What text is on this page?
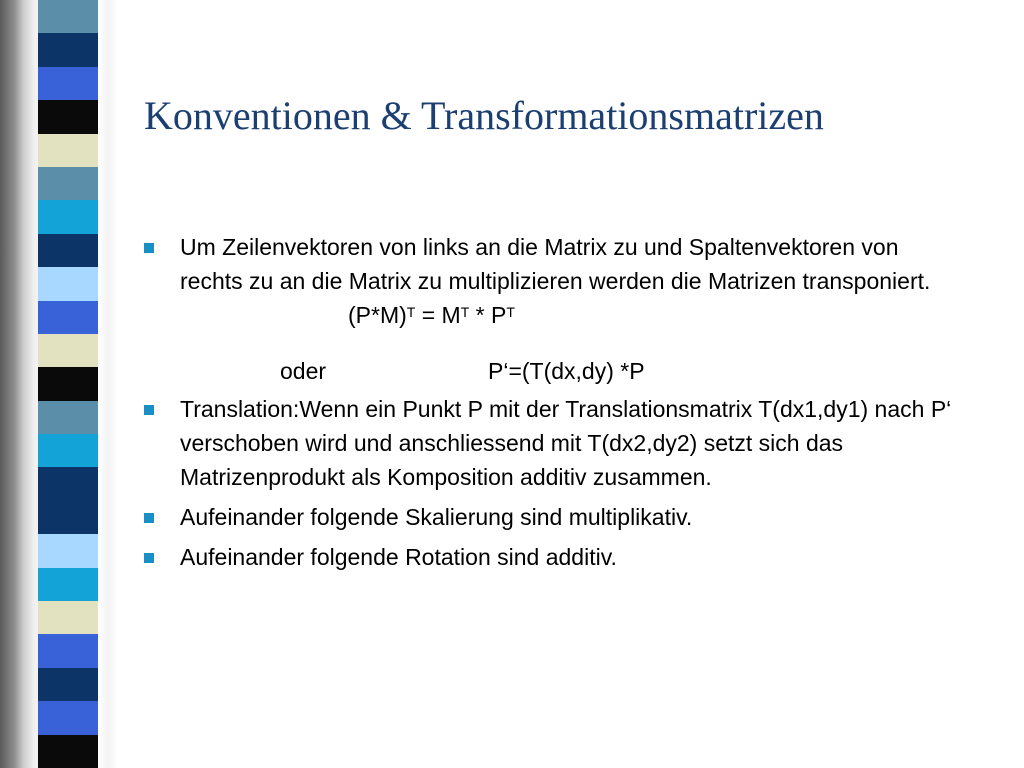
Konventionen & Transformationsmatrizen
Um Zeilenvektoren von links an die Matrix zu und Spaltenvektoren von rechts zu an die Matrix zu multiplizieren werden die Matrizen transponiert.
$(P*M)^T = M^T * P^T$
oder	P‘=(T(dx,dy) *P
Translation:Wenn ein Punkt P mit der Translationsmatrix T(dx1,dy1) nach P‘ verschoben wird und anschliessend mit T(dx2,dy2) setzt sich das Matrizenprodukt als Komposition additiv zusammen.
Aufeinander folgende Skalierung sind multiplikativ.
Aufeinander folgende Rotation sind additiv.
